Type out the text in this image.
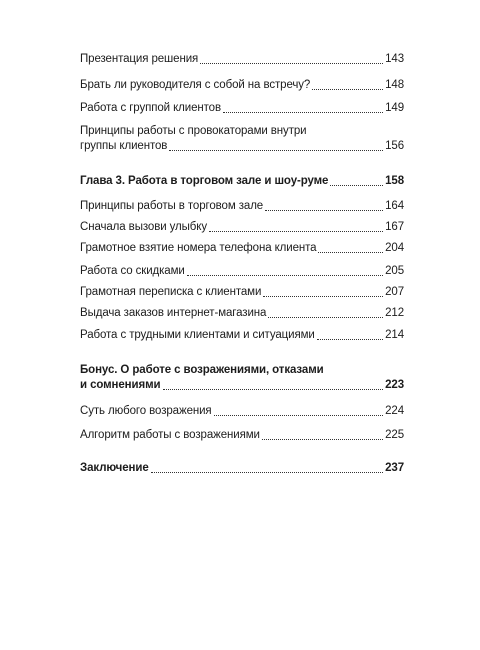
Презентация решения	143
Брать ли руководителя с собой на встречу?	148
Работа с группой клиентов	149
Принципы работы с провокаторами внутри
группы клиентов	156
Глава 3. Работа в торговом зале и шоу-руме	158
Принципы работы в торговом зале	164
Сначала вызови улыбку	167
Грамотное взятие номера телефона клиента	204
Работа со скидками	205
Грамотная переписка с клиентами	207
Выдача заказов интернет-магазина	212
Работа с трудными клиентами и ситуациями	214
Бонус. О работе с возражениями, отказами
и сомнениями	223
Суть любого возражения	224
Алгоритм работы с возражениями	225
Заключение	237
